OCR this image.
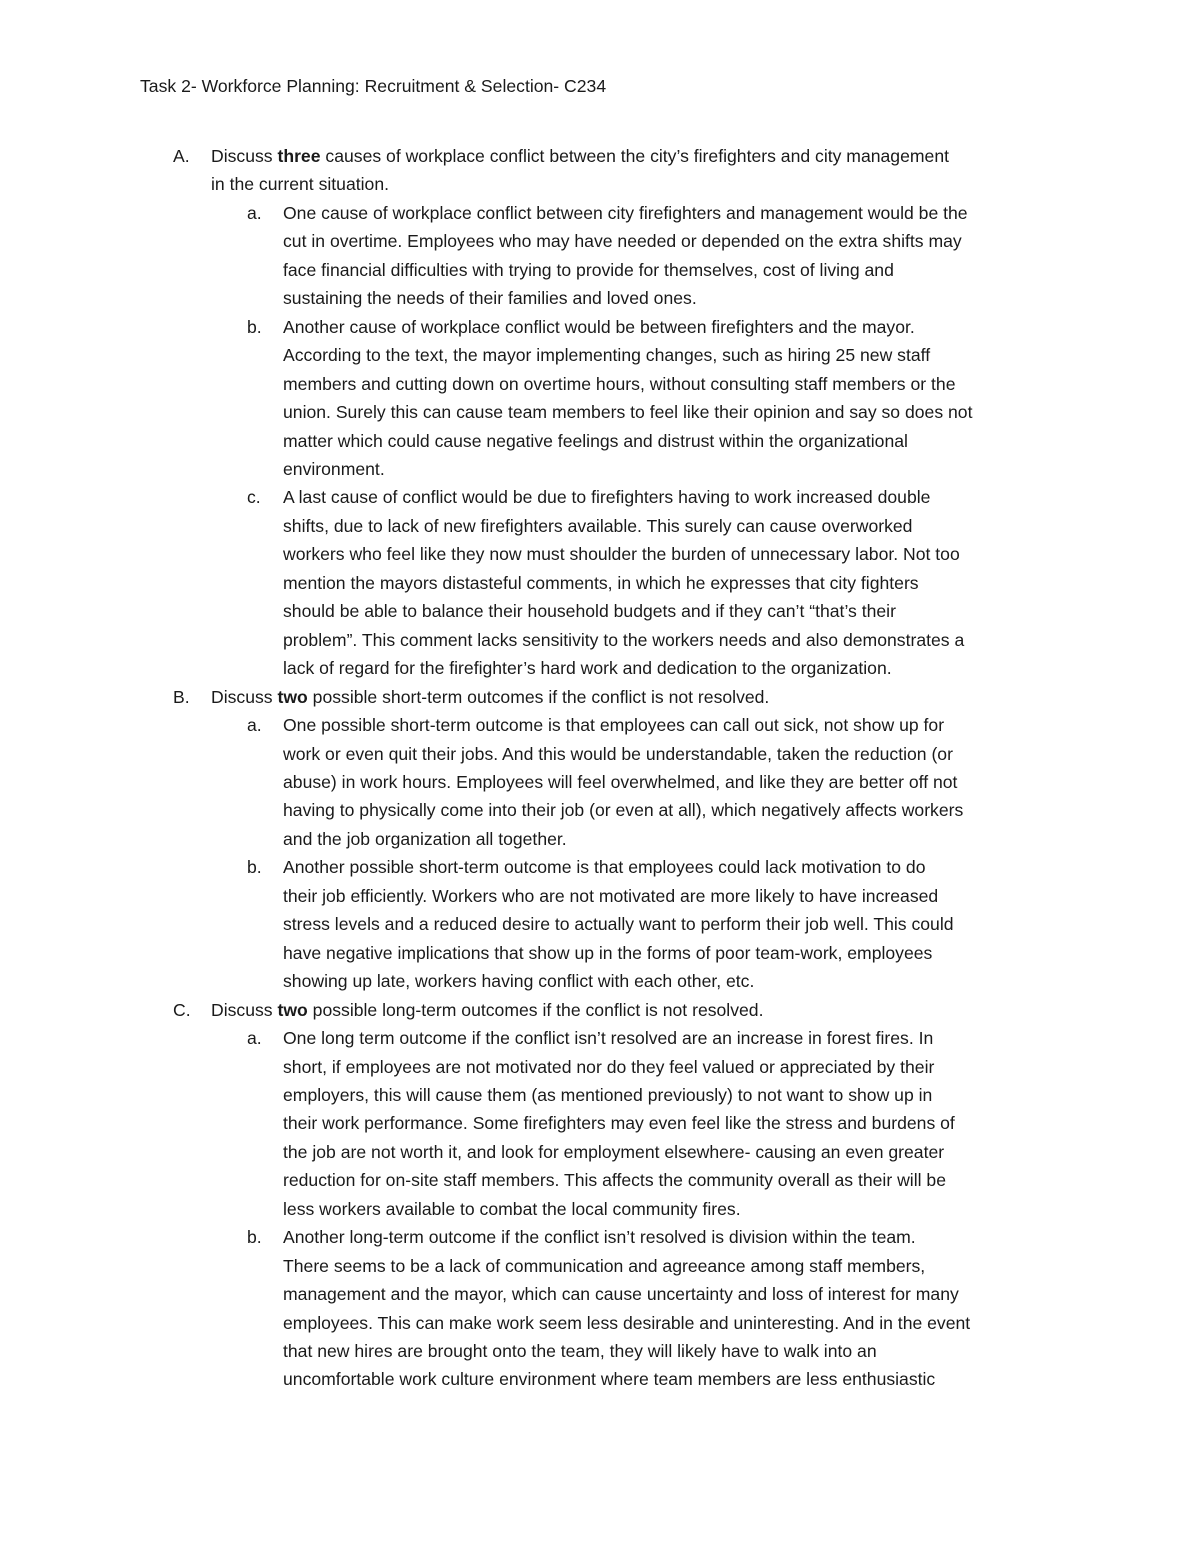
Task 2- Workforce Planning: Recruitment & Selection- C234
A. Discuss three causes of workplace conflict between the city’s firefighters and city management
in the current situation.
a. One cause of workplace conflict between city firefighters and management would be the
cut in overtime. Employees who may have needed or depended on the extra shifts may
face financial difficulties with trying to provide for themselves, cost of living and
sustaining the needs of their families and loved ones.
b. Another cause of workplace conflict would be between firefighters and the mayor.
According to the text, the mayor implementing changes, such as hiring 25 new staff
members and cutting down on overtime hours, without consulting staff members or the
union. Surely this can cause team members to feel like their opinion and say so does not
matter which could cause negative feelings and distrust within the organizational
environment.
c. A last cause of conflict would be due to firefighters having to work increased double
shifts, due to lack of new firefighters available. This surely can cause overworked
workers who feel like they now must shoulder the burden of unnecessary labor. Not too
mention the mayors distasteful comments, in which he expresses that city fighters
should be able to balance their household budgets and if they can’t “that’s their
problem”. This comment lacks sensitivity to the workers needs and also demonstrates a
lack of regard for the firefighter’s hard work and dedication to the organization.
B. Discuss two possible short-term outcomes if the conflict is not resolved.
a. One possible short-term outcome is that employees can call out sick, not show up for
work or even quit their jobs. And this would be understandable, taken the reduction (or
abuse) in work hours. Employees will feel overwhelmed, and like they are better off not
having to physically come into their job (or even at all), which negatively affects workers
and the job organization all together.
b. Another possible short-term outcome is that employees could lack motivation to do
their job efficiently. Workers who are not motivated are more likely to have increased
stress levels and a reduced desire to actually want to perform their job well. This could
have negative implications that show up in the forms of poor team-work, employees
showing up late, workers having conflict with each other, etc.
C. Discuss two possible long-term outcomes if the conflict is not resolved.
a. One long term outcome if the conflict isn’t resolved are an increase in forest fires. In
short, if employees are not motivated nor do they feel valued or appreciated by their
employers, this will cause them (as mentioned previously) to not want to show up in
their work performance. Some firefighters may even feel like the stress and burdens of
the job are not worth it, and look for employment elsewhere- causing an even greater
reduction for on-site staff members. This affects the community overall as their will be
less workers available to combat the local community fires.
b. Another long-term outcome if the conflict isn’t resolved is division within the team.
There seems to be a lack of communication and agreeance among staff members,
management and the mayor, which can cause uncertainty and loss of interest for many
employees. This can make work seem less desirable and uninteresting. And in the event
that new hires are brought onto the team, they will likely have to walk into an
uncomfortable work culture environment where team members are less enthusiastic
